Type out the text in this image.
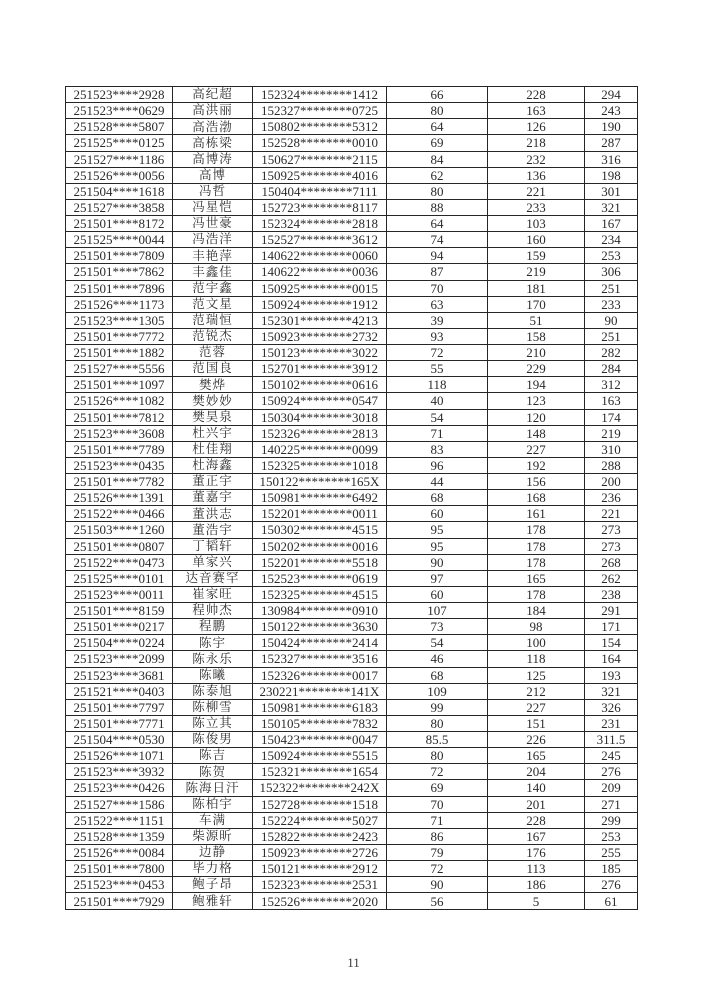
251523****2928	高纪超	152324********1412	66	228	294
251523****0629	高洪丽	152327********0725	80	163	243
251528****5807	高浩渤	150802********5312	64	126	190
251525****0125	高栋梁	152528********0010	69	218	287
251527****1186	高博涛	150627********2115	84	232	316
251526****0056	高博	150925********4016	62	136	198
251504****1618	冯哲	150404********7111	80	221	301
251527****3858	冯星恺	152723********8117	88	233	321
251501****8172	冯世豪	152324********2818	64	103	167
251525****0044	冯浩洋	152527********3612	74	160	234
251501****7809	丰艳萍	140622********0060	94	159	253
251501****7862	丰鑫佳	140622********0036	87	219	306
251501****7896	范宇鑫	150925********0015	70	181	251
251526****1173	范文星	150924********1912	63	170	233
251523****1305	范瑞恒	152301********4213	39	51	90
251501****7772	范锐杰	150923********2732	93	158	251
251501****1882	范蓉	150123********3022	72	210	282
251527****5556	范国良	152701********3912	55	229	284
251501****1097	樊烨	150102********0616	118	194	312
251526****1082	樊妙妙	150924********0547	40	123	163
251501****7812	樊昊泉	150304********3018	54	120	174
251523****3608	杜兴宇	152326********2813	71	148	219
251501****7789	杜佳翔	140225********0099	83	227	310
251523****0435	杜海鑫	152325********1018	96	192	288
251501****7782	董正宇	150122********165X	44	156	200
251526****1391	董嘉宇	150981********6492	68	168	236
251522****0466	董洪志	152201********0011	60	161	221
251503****1260	董浩宇	150302********4515	95	178	273
251501****0807	丁韬轩	150202********0016	95	178	273
251522****0473	单家兴	152201********5518	90	178	268
251525****0101	达音赛罕	152523********0619	97	165	262
251523****0011	崔家旺	152325********4515	60	178	238
251501****8159	程帅杰	130984********0910	107	184	291
251501****0217	程鹏	150122********3630	73	98	171
251504****0224	陈宇	150424********2414	54	100	154
251523****2099	陈永乐	152327********3516	46	118	164
251523****3681	陈曦	152326********0017	68	125	193
251521****0403	陈泰旭	230221********141X	109	212	321
251501****7797	陈柳雪	150981********6183	99	227	326
251501****7771	陈立其	150105********7832	80	151	231
251504****0530	陈俊男	150423********0047	85.5	226	311.5
251526****1071	陈吉	150924********5515	80	165	245
251523****3932	陈贺	152321********1654	72	204	276
251523****0426	陈海日汗	152322********242X	69	140	209
251527****1586	陈柏宇	152728********1518	70	201	271
251522****1151	车满	152224********5027	71	228	299
251528****1359	柴源昕	152822********2423	86	167	253
251526****0084	边静	150923********2726	79	176	255
251501****7800	毕力格	150121********2912	72	113	185
251523****0453	鲍子昂	152323********2531	90	186	276
251501****7929	鲍雅轩	152526********2020	56	5	61
11
